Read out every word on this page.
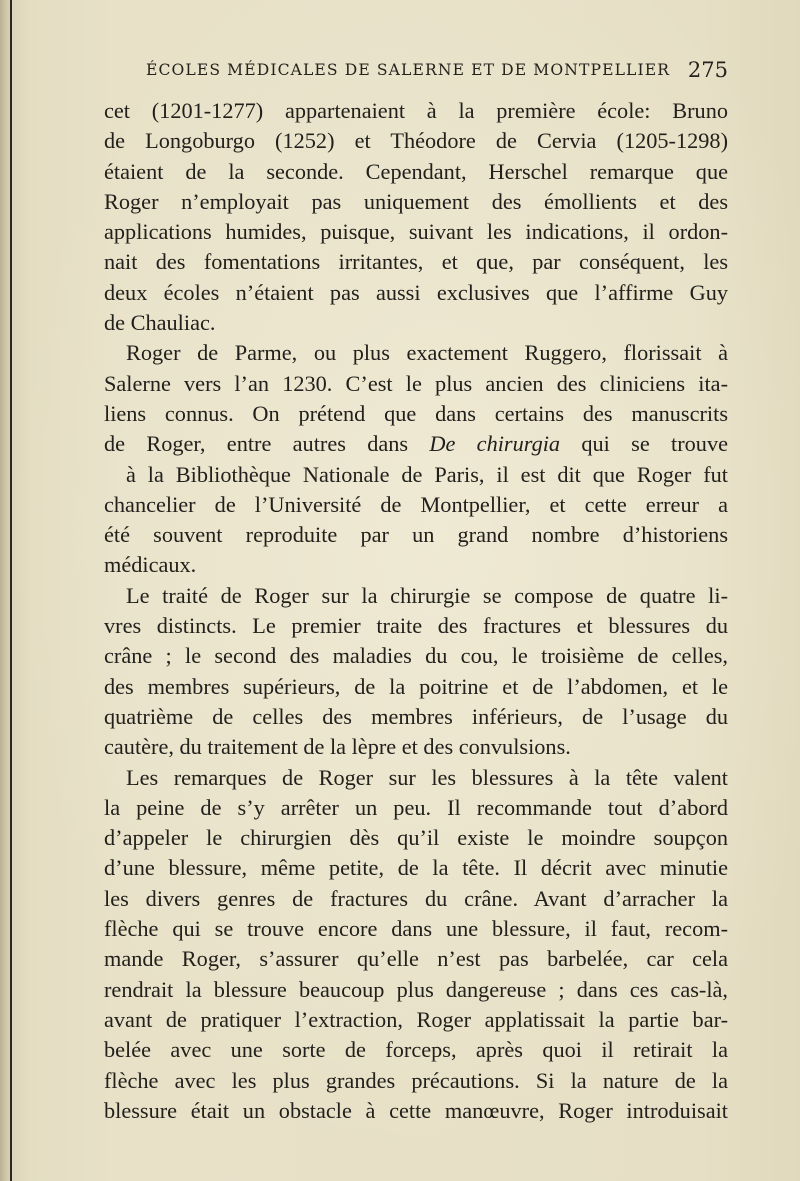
ÉCOLES MÉDICALES DE SALERNE ET DE MONTPELLIER 275
cet (1201-1277) appartenaient à la première école: Bruno
de Longoburgo (1252) et Théodore de Cervia (1205-1298)
étaient de la seconde. Cependant, Herschel remarque que
Roger n’employait pas uniquement des émollients et des
applications humides, puisque, suivant les indications, il ordon-
nait des fomentations irritantes, et que, par conséquent, les
deux écoles n’étaient pas aussi exclusives que l’affirme Guy
de Chauliac.
Roger de Parme, ou plus exactement Ruggero, florissait à
Salerne vers l’an 1230. C’est le plus ancien des cliniciens ita-
liens connus. On prétend que dans certains des manuscrits
de Roger, entre autres dans De chirurgia qui se trouve
à la Bibliothèque Nationale de Paris, il est dit que Roger fut
chancelier de l’Université de Montpellier, et cette erreur a
été souvent reproduite par un grand nombre d’historiens
médicaux.
Le traité de Roger sur la chirurgie se compose de quatre li-
vres distincts. Le premier traite des fractures et blessures du
crâne ; le second des maladies du cou, le troisième de celles,
des membres supérieurs, de la poitrine et de l’abdomen, et le
quatrième de celles des membres inférieurs, de l’usage du
cautère, du traitement de la lèpre et des convulsions.
Les remarques de Roger sur les blessures à la tête valent
la peine de s’y arrêter un peu. Il recommande tout d’abord
d’appeler le chirurgien dès qu’il existe le moindre soupçon
d’une blessure, même petite, de la tête. Il décrit avec minutie
les divers genres de fractures du crâne. Avant d’arracher la
flèche qui se trouve encore dans une blessure, il faut, recom-
mande Roger, s’assurer qu’elle n’est pas barbelée, car cela
rendrait la blessure beaucoup plus dangereuse ; dans ces cas-là,
avant de pratiquer l’extraction, Roger applatissait la partie bar-
belée avec une sorte de forceps, après quoi il retirait la
flèche avec les plus grandes précautions. Si la nature de la
blessure était un obstacle à cette manœuvre, Roger introduisait
